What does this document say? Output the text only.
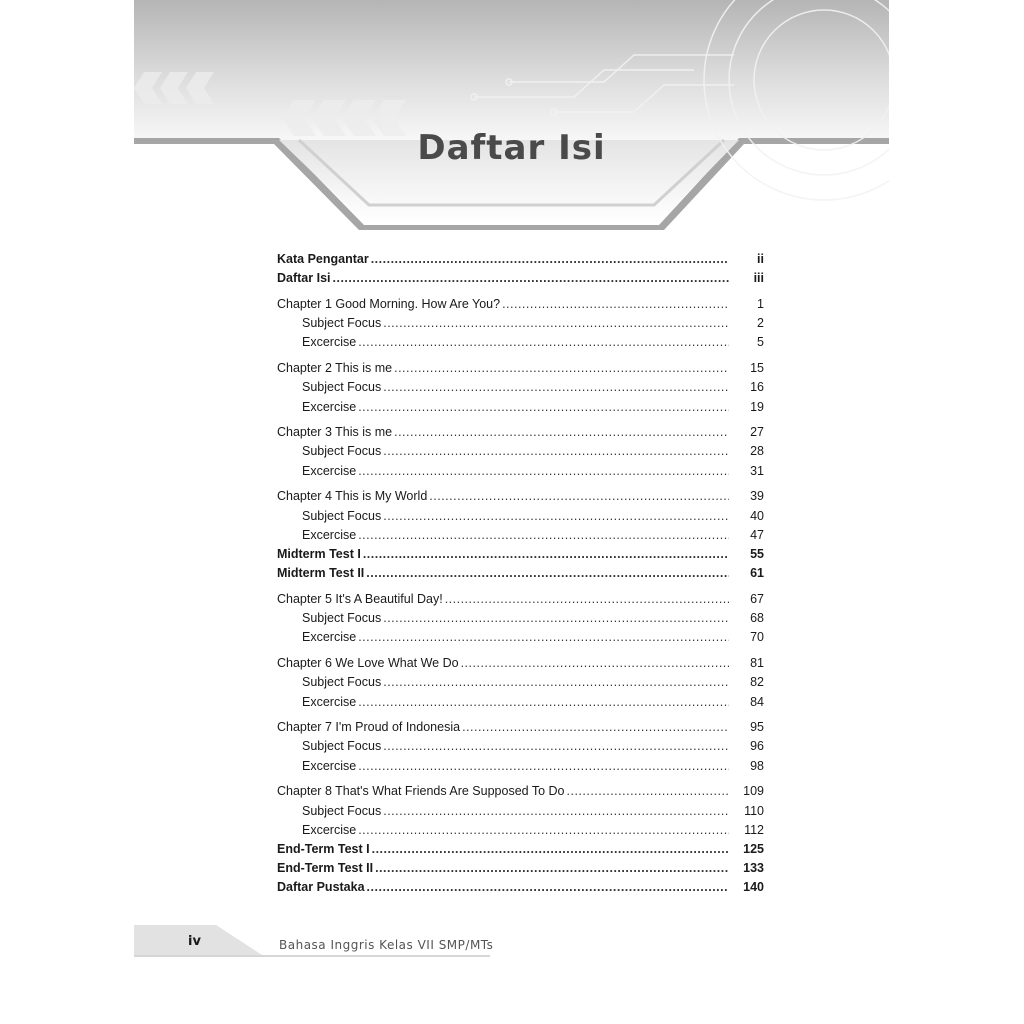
Daftar Isi
Kata Pengantar .....	ii
Daftar Isi .....	iii
Chapter 1 Good Morning. How Are You? .....	1
Subject Focus .....	2
Excercise .....	5
Chapter 2 This is me .....	15
Subject Focus .....	16
Excercise .....	19
Chapter 3 This is me .....	27
Subject Focus .....	28
Excercise .....	31
Chapter 4 This is My World .....	39
Subject Focus .....	40
Excercise .....	47
Midterm Test I .....	55
Midterm Test II .....	61
Chapter 5 It's A Beautiful Day! .....	67
Subject Focus .....	68
Excercise .....	70
Chapter 6 We Love What We Do .....	81
Subject Focus .....	82
Excercise .....	84
Chapter 7 I'm Proud of Indonesia .....	95
Subject Focus .....	96
Excercise .....	98
Chapter 8 That's What Friends Are Supposed To Do .....	109
Subject Focus .....	110
Excercise .....	112
End-Term Test I .....	125
End-Term Test II .....	133
Daftar Pustaka .....	140
iv	Bahasa Inggris Kelas VII SMP/MTs
